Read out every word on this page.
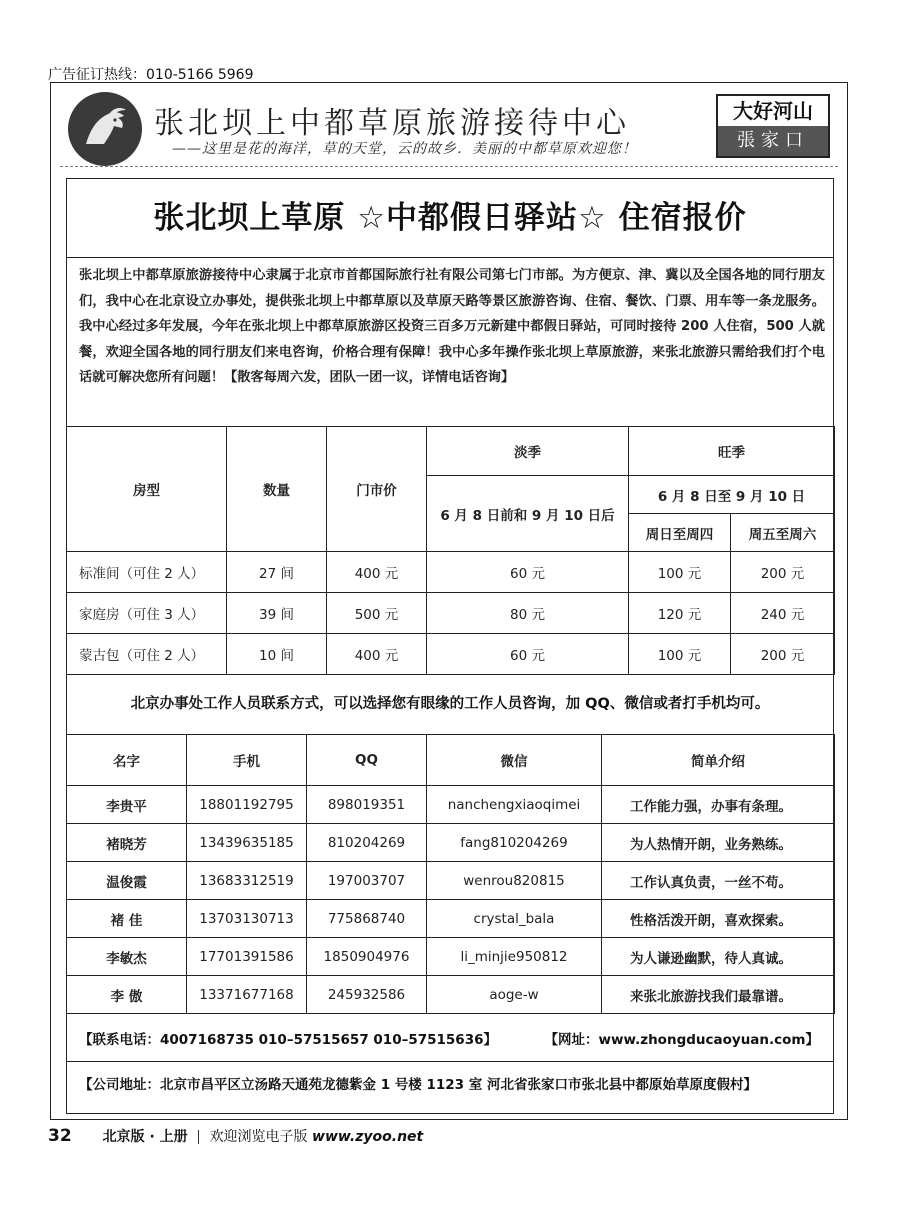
广告征订热线：010-5166 5969
张北坝上中都草原旅游接待中心
——这里是花的海洋，草的天堂，云的故乡．美丽的中都草原欢迎您！
大好河山
張家口
张北坝上草原 ☆中都假日驿站☆ 住宿报价
张北坝上中都草原旅游接待中心隶属于北京市首都国际旅行社有限公司第七门市部。为方便京、津、冀以及全国各地的同行朋友们，我中心在北京设立办事处，提供张北坝上中都草原以及草原天路等景区旅游咨询、住宿、餐饮、门票、用车等一条龙服务。我中心经过多年发展，今年在张北坝上中都草原旅游区投资三百多万元新建中都假日驿站，可同时接待 200 人住宿，500 人就餐，欢迎全国各地的同行朋友们来电咨询，价格合理有保障！我中心多年操作张北坝上草原旅游，来张北旅游只需给我们打个电话就可解决您所有问题！【散客每周六发，团队一团一议，详情电话咨询】
房型	数量	门市价	淡季	旺季	
			6 月 8 日前和 9 月 10 日后	6 月 8 日至 9 月 10 日	
				周日至周四	周五至周六
标准间（可住 2 人）	27 间	400 元	60 元	100 元	200 元
家庭房（可住 3 人）	39 间	500 元	80 元	120 元	240 元
蒙古包（可住 2 人）	10 间	400 元	60 元	100 元	200 元
北京办事处工作人员联系方式，可以选择您有眼缘的工作人员咨询，加 QQ、微信或者打手机均可。
名字	手机	QQ	微信	简单介绍
李贵平	18801192795	898019351	nanchengxiaoqimei	工作能力强，办事有条理。
褚晓芳	13439635185	810204269	fang810204269	为人热情开朗，业务熟练。
温俊霞	13683312519	197003707	wenrou820815	工作认真负责，一丝不苟。
褚 佳	13703130713	775868740	crystal_bala	性格活泼开朗，喜欢探索。
李敏杰	17701391586	1850904976	li_minjie950812	为人谦逊幽默，待人真诚。
李 傲	13371677168	245932586	aoge-w	来张北旅游找我们最靠谱。
【联系电话：4007168735 010–57515657 010–57515636】	【网址：www.zhongducaoyuan.com】
【公司地址：北京市昌平区立汤路天通苑龙德紫金 1 号楼 1123 室 河北省张家口市张北县中都原始草原度假村】
32 北京版 · 上册 欢迎浏览电子版 www.zyoo.net
